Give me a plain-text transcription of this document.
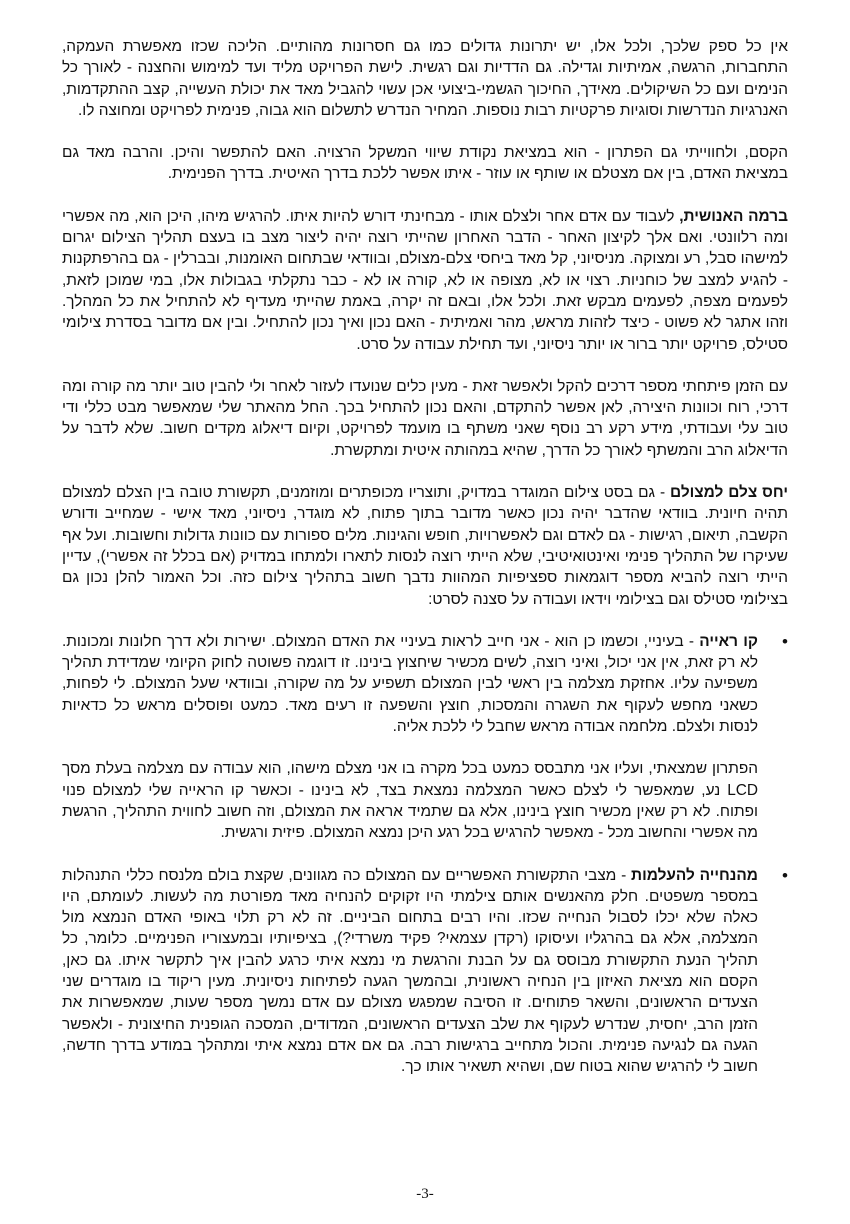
אין כל ספק שלכך, ולכל אלו, יש יתרונות גדולים כמו גם חסרונות מהותיים. הליכה שכזו מאפשרת העמקה, התחברות, הרגשה, אמיתיות וגדילה. גם הדדיות וגם רגשית. לישת הפרויקט מליד ועד למימוש והחצנה - לאורך כל הנימים ועם כל השיקולים. מאידך, החיכוך הגשמי-ביצועי אכן עשוי להגביל מאד את יכולת העשייה, קצב ההתקדמות, האנרגיות הנדרשות וסוגיות פרקטיות רבות נוספות. המחיר הנדרש לתשלום הוא גבוה, פנימית לפרויקט ומחוצה לו.

הקסם, ולחווייתי גם הפתרון - הוא במציאת נקודת שיווי המשקל הרצויה. האם להתפשר והיכן. והרבה מאד גם במציאת האדם, בין אם מצטלם או שותף או עוזר - איתו אפשר ללכת בדרך האיטית. בדרך הפנימית.

ברמה האנושית, לעבוד עם אדם אחר ולצלם אותו - מבחינתי דורש להיות איתו. להרגיש מיהו, היכן הוא, מה אפשרי ומה רלוונטי. ואם אלך לקיצון האחר - הדבר האחרון שהייתי רוצה יהיה ליצור מצב בו בעצם תהליך הצילום יגרום למישהו סבל, רע ומצוקה. מניסיוני, קל מאד ביחסי צלם-מצולם, ובוודאי שבתחום האומנות, ובברלין - גם בהרפתקנות - להגיע למצב של כוחניות. רצוי או לא, מצופה או לא, קורה או לא - כבר נתקלתי בגבולות אלו, במי שמוכן לזאת, לפעמים מצפה, לפעמים מבקש זאת. ולכל אלו, ובאם זה יקרה, באמת שהייתי מעדיף לא להתחיל את כל המהלך. וזהו אתגר לא פשוט - כיצד לזהות מראש, מהר ואמיתית - האם נכון ואיך נכון להתחיל. ובין אם מדובר בסדרת צילומי סטילס, פרויקט יותר ברור או יותר ניסיוני, ועד תחילת עבודה על סרט.

עם הזמן פיתחתי מספר דרכים להקל ולאפשר זאת - מעין כלים שנועדו לעזור לאחר ולי להבין טוב יותר מה קורה ומה דרכי, רוח וכוונות היצירה, לאן אפשר להתקדם, והאם נכון להתחיל בכך. החל מהאתר שלי שמאפשר מבט כללי ודי טוב עלי ועבודתי, מידע רקע רב נוסף שאני משתף בו מועמד לפרויקט, וקיום דיאלוג מקדים חשוב. שלא לדבר על הדיאלוג הרב והמשתף לאורך כל הדרך, שהיא במהותה איטית ומתקשרת.

יחס צלם למצולם - גם בסט צילום המוגדר במדויק, ותוצריו מכופתרים ומוזמנים, תקשורת טובה בין הצלם למצולם תהיה חיונית. בוודאי שהדבר יהיה נכון כאשר מדובר בתוך פתוח, לא מוגדר, ניסיוני, מאד אישי - שמחייב ודורש הקשבה, תיאום, רגישות - גם לאדם וגם לאפשרויות, חופש והגינות. מלים ספורות עם כוונות גדולות וחשובות. ועל אף שעיקרו של התהליך פנימי ואינטואיטיבי, שלא הייתי רוצה לנסות לתארו ולמתחו במדויק (אם בכלל זה אפשרי), עדיין הייתי רוצה להביא מספר דוגמאות ספציפיות המהוות נדבך חשוב בתהליך צילום כזה. וכל האמור להלן נכון גם בצילומי סטילס וגם בצילומי וידאו ועבודה על סצנה לסרט:

• קו ראייה - בעיניי, וכשמו כן הוא - אני חייב לראות בעיניי את האדם המצולם. ישירות ולא דרך חלונות ומכונות. לא רק זאת, אין אני יכול, ואיני רוצה, לשים מכשיר שיחצוץ בינינו. זו דוגמה פשוטה לחוק הקיומי שמדידת תהליך משפיעה עליו. אחזקת מצלמה בין ראשי לבין המצולם תשפיע על מה שקורה, ובוודאי שעל המצולם. לי לפחות, כשאני מחפש לעקוף את השגרה והמסכות, חוצץ והשפעה זו רעים מאד. כמעט ופוסלים מראש כל כדאיות לנסות ולצלם. מלחמה אבודה מראש שחבל לי ללכת אליה.

הפתרון שמצאתי, ועליו אני מתבסס כמעט בכל מקרה בו אני מצלם מישהו, הוא עבודה עם מצלמה בעלת מסך LCD נע, שמאפשר לי לצלם כאשר המצלמה נמצאת בצד, לא בינינו - וכאשר קו הראייה שלי למצולם פנוי ופתוח. לא רק שאין מכשיר חוצץ בינינו, אלא גם שתמיד אראה את המצולם, וזה חשוב לחווית התהליך, הרגשת מה אפשרי והחשוב מכל - מאפשר להרגיש בכל רגע היכן נמצא המצולם. פיזית ורגשית.

• מהנחייה להעלמות - מצבי התקשורת האפשריים עם המצולם כה מגוונים, שקצת בולם מלנסח כללי התנהלות במספר משפטים. חלק מהאנשים אותם צילמתי היו זקוקים להנחיה מאד מפורטת מה לעשות. לעומתם, היו כאלה שלא יכלו לסבול הנחייה שכזו. והיו רבים בתחום הביניים. זה לא רק תלוי באופי האדם הנמצא מול המצלמה, אלא גם בהרגליו ועיסוקו (רקדן עצמאי? פקיד משרדי?), בציפיותיו ובמעצוריו הפנימיים. כלומר, כל תהליך הנעת התקשורת מבוסס גם על הבנת והרגשת מי נמצא איתי כרגע להבין איך לתקשר איתו. גם כאן, הקסם הוא מציאת האיזון בין הנחיה ראשונית, ובהמשך הגעה לפתיחות ניסיונית. מעין ריקוד בו מוגדרים שני הצעדים הראשונים, והשאר פתוחים. זו הסיבה שמפגש מצולם עם אדם נמשך מספר שעות, שמאפשרות את הזמן הרב, יחסית, שנדרש לעקוף את שלב הצעדים הראשונים, המדודים, המסכה הגופנית החיצונית - ולאפשר הגעה גם לנגיעה פנימית. והכול מתחייב ברגישות רבה. גם אם אדם נמצא איתי ומתהלך במודע בדרך חדשה, חשוב לי להרגיש שהוא בטוח שם, ושהיא תשאיר אותו כך.
-3-
